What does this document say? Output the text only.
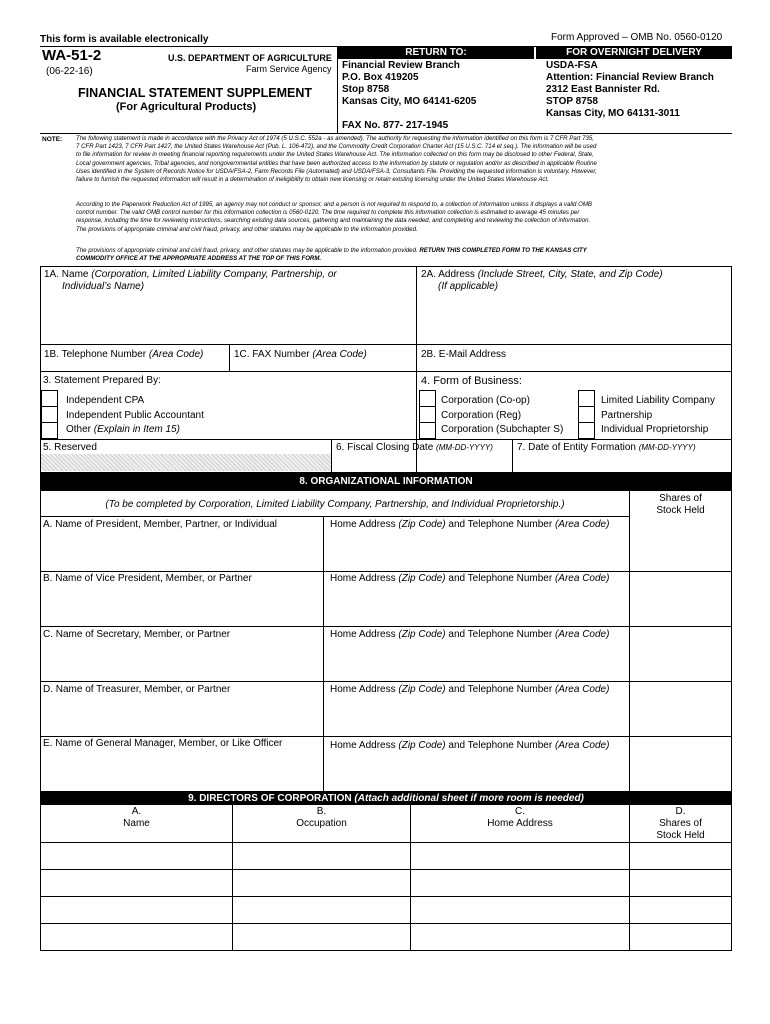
This form is available electronically	Form Approved – OMB No. 0560-0120
WA-51-2
(06-22-16)
U.S. DEPARTMENT OF AGRICULTURE
Farm Service Agency
FINANCIAL STATEMENT SUPPLEMENT
(For Agricultural Products)
RETURN TO:
Financial Review Branch
P.O. Box 419205
Stop 8758
Kansas City, MO 64141-6205
FAX No. 877- 217-1945
FOR OVERNIGHT DELIVERY
USDA-FSA
Attention: Financial Review Branch
2312 East Bannister Rd.
STOP 8758
Kansas City, MO 64131-3011
NOTE: The following statement is made in accordance with the Privacy Act of 1974 (5 U.S.C. 552a - as amended). The authority for requesting the information identified on this form is 7 CFR Part 735,
7 CFR Part 1423, 7 CFR Part 1427, the United States Warehouse Act (Pub. L. 106-472), and the Commodity Credit Corporation Charter Act (15 U.S.C. 714 et seq.). The information will be used
to file information for review in meeting financial reporting requirements under the United States Warehouse Act. The information collected on this form may be disclosed to other Federal, State,
Local government agencies, Tribal agencies, and nongovernmental entities that have been authorized access to the information by statute or regulation and/or as described in applicable Routine
Uses identified in the System of Records Notice for USDA/FSA-2, Farm Records File (Automated) and USDA/FSA-3, Consultants File. Providing the requested information is voluntary. However,
failure to furnish the requested information will result in a determination of ineligibility to obtain new licensing or retain existing licensing under the United States Warehouse Act.
According to the Paperwork Reduction Act of 1995, an agency may not conduct or sponsor, and a person is not required to respond to, a collection of information unless it displays a valid OMB
control number. The valid OMB control number for this information collection is 0560-0120. The time required to complete this information collection is estimated to average 45 minutes per
response, including the time for reviewing instructions, searching existing data sources, gathering and maintaining the data needed, and completing and reviewing the collection of information.
The provisions of appropriate criminal and civil fraud, privacy, and other statutes may be applicable to the information provided.
The provisions of appropriate criminal and civil fraud, privacy, and other statutes may be applicable to the information provided. RETURN THIS COMPLETED FORM TO THE KANSAS CITY
COMMODITY OFFICE AT THE APPROPRIATE ADDRESS AT THE TOP OF THIS FORM.
1A. Name (Corporation, Limited Liability Company, Partnership, or
Individual’s Name)
2A. Address (Include Street, City, State, and Zip Code)
(If applicable)
1B. Telephone Number (Area Code)	1C. FAX Number (Area Code)	2B. E-Mail Address
3. Statement Prepared By:
Independent CPA
Independent Public Accountant
Other (Explain in Item 15)
4. Form of Business:
Corporation (Co-op)
Corporation (Reg)
Corporation (Subchapter S)
Limited Liability Company
Partnership
Individual Proprietorship
5. Reserved	6. Fiscal Closing Date (MM-DD-YYYY) 7. Date of Entity Formation (MM-DD-YYYY)
8. ORGANIZATIONAL INFORMATION
(To be completed by Corporation, Limited Liability Company, Partnership, and Individual Proprietorship.)
Shares of
Stock Held
A. Name of President, Member, Partner, or Individual	Home Address (Zip Code) and Telephone Number (Area Code)
B. Name of Vice President, Member, or Partner	Home Address (Zip Code) and Telephone Number (Area Code)
C. Name of Secretary, Member, or Partner	Home Address (Zip Code) and Telephone Number (Area Code)
D. Name of Treasurer, Member, or Partner	Home Address (Zip Code) and Telephone Number (Area Code)
E. Name of General Manager, Member, or Like Officer	Home Address (Zip Code) and Telephone Number (Area Code)
9. DIRECTORS OF CORPORATION (Attach additional sheet if more room is needed)
A.
Name
B.
Occupation
C.
Home Address
D.
Shares of
Stock Held
